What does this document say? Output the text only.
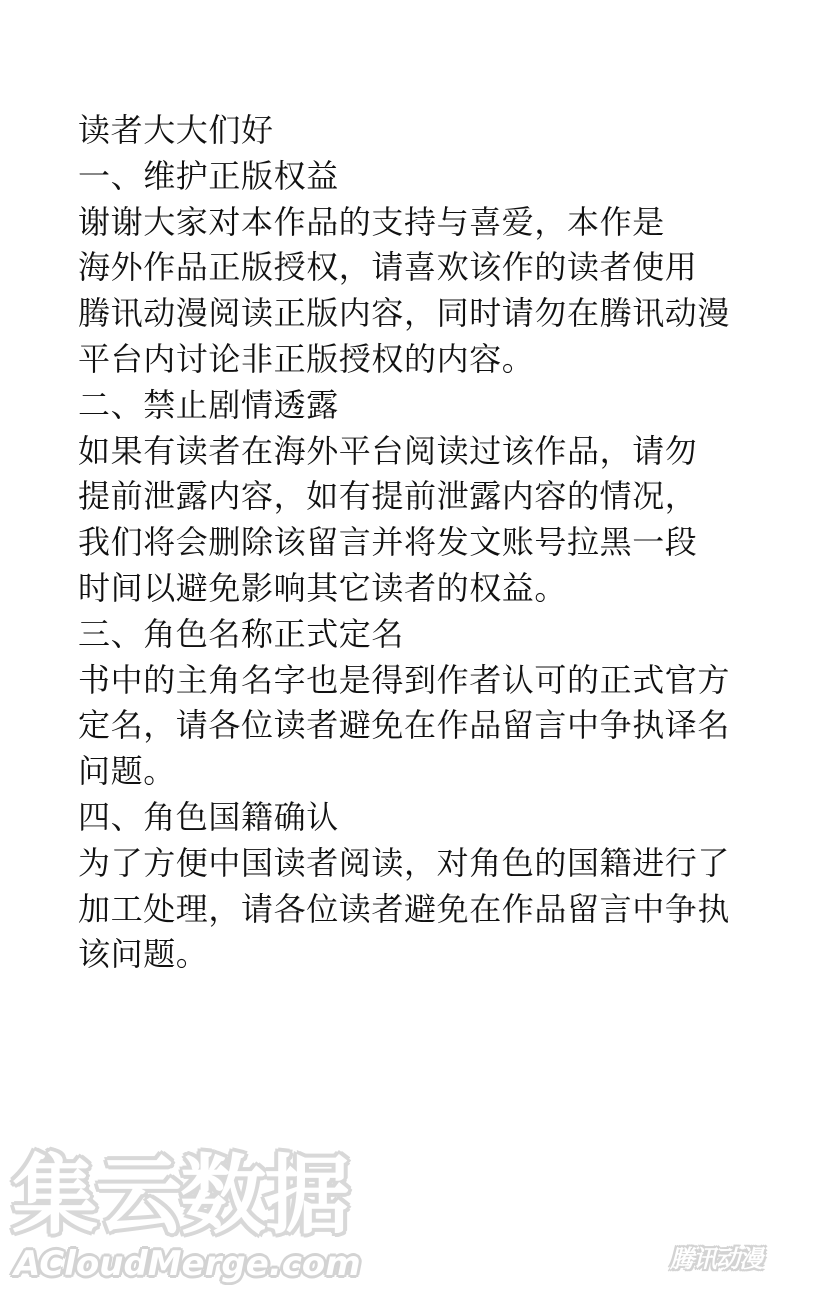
读者大大们好
一、维护正版权益
谢谢大家对本作品的支持与喜爱，本作是
海外作品正版授权，请喜欢该作的读者使用
腾讯动漫阅读正版内容，同时请勿在腾讯动漫
平台内讨论非正版授权的内容。
二、禁止剧情透露
如果有读者在海外平台阅读过该作品，请勿
提前泄露内容，如有提前泄露内容的情况，
我们将会删除该留言并将发文账号拉黑一段
时间以避免影响其它读者的权益。
三、角色名称正式定名
书中的主角名字也是得到作者认可的正式官方
定名，请各位读者避免在作品留言中争执译名
问题。
四、角色国籍确认
为了方便中国读者阅读，对角色的国籍进行了
加工处理，请各位读者避免在作品留言中争执
该问题。
集云数据
ACloudMerge.com	腾讯动漫
